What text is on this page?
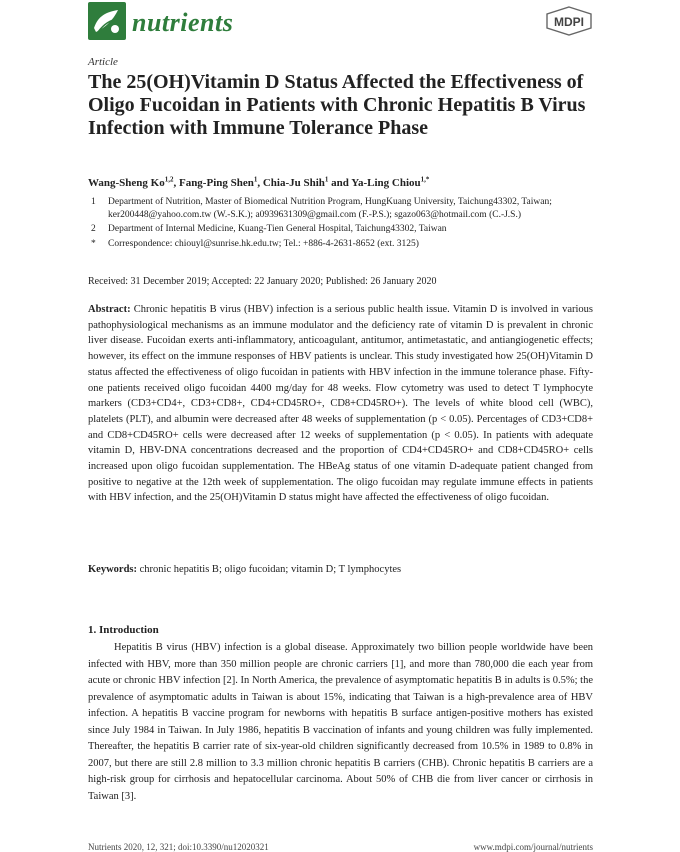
nutrients	MDPI
Article
The 25(OH)Vitamin D Status Affected the Effectiveness of Oligo Fucoidan in Patients with Chronic Hepatitis B Virus Infection with Immune Tolerance Phase
Wang-Sheng Ko$^{1,2}$, Fang-Ping Shen$^1$, Chia-Ju Shih$^1$ and Ya-Ling Chiou$^{1,*}$
1 Department of Nutrition, Master of Biomedical Nutrition Program, HungKuang University, Taichung43302, Taiwan; ker200448@yahoo.com.tw (W.-S.K.); a0939631309@gmail.com (F.-P.S.); sgazo063@hotmail.com (C.-J.S.)
2 Department of Internal Medicine, Kuang-Tien General Hospital, Taichung43302, Taiwan
* Correspondence: chiouyl@sunrise.hk.edu.tw; Tel.: +886-4-2631-8652 (ext. 3125)
Received: 31 December 2019; Accepted: 22 January 2020; Published: 26 January 2020

Abstract: Chronic hepatitis B virus (HBV) infection is a serious public health issue. Vitamin D is involved in various pathophysiological mechanisms as an immune modulator and the deficiency rate of vitamin D is prevalent in chronic liver disease. Fucoidan exerts anti-inflammatory, anticoagulant, antitumor, antimetastatic, and antiangiogenetic effects; however, its effect on the immune responses of HBV patients is unclear. This study investigated how 25(OH)Vitamin D status affected the effectiveness of oligo fucoidan in patients with HBV infection in the immune tolerance phase. Fifty-one patients received oligo fucoidan 4400 mg/day for 48 weeks. Flow cytometry was used to detect T lymphocyte markers (CD3+CD4+, CD3+CD8+, CD4+CD45RO+, CD8+CD45RO+). The levels of white blood cell (WBC), platelets (PLT), and albumin were decreased after 48 weeks of supplementation (p < 0.05). Percentages of CD3+CD8+ and CD8+CD45RO+ cells were decreased after 12 weeks of supplementation (p < 0.05). In patients with adequate vitamin D, HBV-DNA concentrations decreased and the proportion of CD4+CD45RO+ and CD8+CD45RO+ cells increased upon oligo fucoidan supplementation. The HBeAg status of one vitamin D-adequate patient changed from positive to negative at the 12th week of supplementation. The oligo fucoidan may regulate immune effects in patients with HBV infection, and the 25(OH)Vitamin D status might have affected the effectiveness of oligo fucoidan.

Keywords: chronic hepatitis B; oligo fucoidan; vitamin D; T lymphocytes

1. Introduction

Hepatitis B virus (HBV) infection is a global disease. Approximately two billion people worldwide have been infected with HBV, more than 350 million people are chronic carriers [1], and more than 780,000 die each year from acute or chronic HBV infection [2]. In North America, the prevalence of asymptomatic hepatitis B in adults is 0.5%; the prevalence of asymptomatic adults in Taiwan is about 15%, indicating that Taiwan is a high-prevalence area of HBV infection. A hepatitis B vaccine program for newborns with hepatitis B surface antigen-positive mothers has existed since July 1984 in Taiwan. In July 1986, hepatitis B vaccination of infants and young children was fully implemented. Thereafter, the hepatitis B carrier rate of six-year-old children significantly decreased from 10.5% in 1989 to 0.8% in 2007, but there are still 2.8 million to 3.3 million chronic hepatitis B carriers (CHB). Chronic hepatitis B carriers are a high-risk group for cirrhosis and hepatocellular carcinoma. About 50% of CHB die from liver cancer or cirrhosis in Taiwan [3].

Nutrients 2020, 12, 321; doi:10.3390/nu12020321	www.mdpi.com/journal/nutrients
